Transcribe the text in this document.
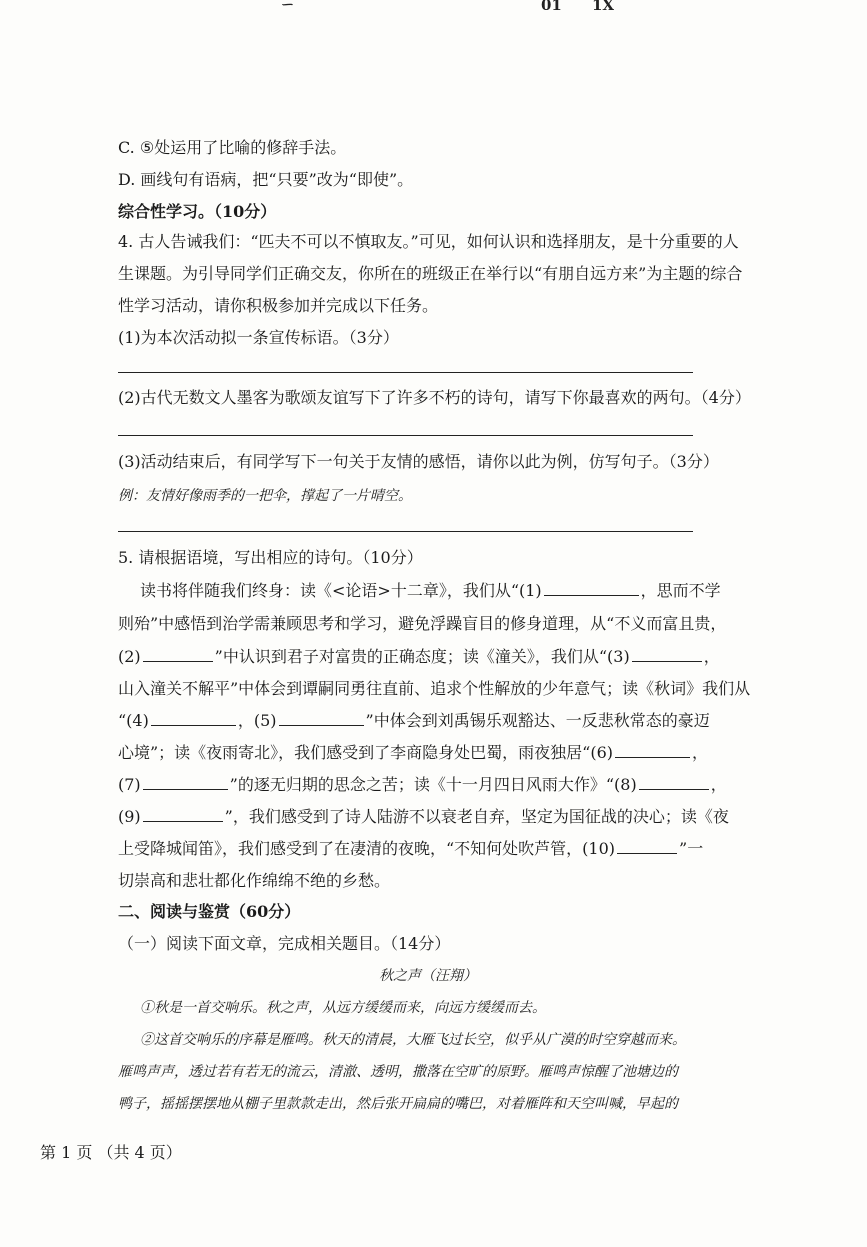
ㄧ	01 1X
C. ⑤处运用了比喻的修辞手法。
D. 画线句有语病，把“只要”改为“即使”。
综合性学习。（10分）
4. 古人告诫我们：“匹夫不可以不慎取友。”可见，如何认识和选择朋友，是十分重要的人
生课题。为引导同学们正确交友，你所在的班级正在举行以“有朋自远方来”为主题的综合
性学习活动，请你积极参加并完成以下任务。
(1)为本次活动拟一条宣传标语。（3分）
(2)古代无数文人墨客为歌颂友谊写下了许多不朽的诗句，请写下你最喜欢的两句。（4分）
(3)活动结束后，有同学写下一句关于友情的感悟，请你以此为例，仿写句子。（3分）
例：友情好像雨季的一把伞，撑起了一片晴空。
5. 请根据语境，写出相应的诗句。（10分）
读书将伴随我们终身：读《<论语>十二章》，我们从“(1)	，思而不学
则殆”中感悟到治学需兼顾思考和学习，避免浮躁盲目的修身道理，从“不义而富且贵，
(2)	”中认识到君子对富贵的正确态度；读《潼关》，我们从“(3)	，
山入潼关不解平”中体会到谭嗣同勇往直前、追求个性解放的少年意气；读《秋词》我们从
“(4)	，(5)	”中体会到刘禹锡乐观豁达、一反悲秋常态的豪迈
心境”；读《夜雨寄北》，我们感受到了李商隐身处巴蜀，雨夜独居“(6)	，
(7)	”的逐无归期的思念之苦；读《十一月四日风雨大作》“(8)	，
(9)	”，我们感受到了诗人陆游不以衰老自弃，坚定为国征战的决心；读《夜
上受降城闻笛》，我们感受到了在凄清的夜晚，“不知何处吹芦管，(10)	”一
切崇高和悲壮都化作绵绵不绝的乡愁。
二、阅读与鉴赏（60分）
（一）阅读下面文章，完成相关题目。（14分）
秋之声（汪翔）
①秋是一首交响乐。秋之声，从远方缓缓而来，向远方缓缓而去。
②这首交响乐的序幕是雁鸣。秋天的清晨，大雁飞过长空，似乎从广漠的时空穿越而来。
雁鸣声声，透过若有若无的流云，清澈、透明，撒落在空旷的原野。雁鸣声惊醒了池塘边的
鸭子，摇摇摆摆地从棚子里款款走出，然后张开扁扁的嘴巴，对着雁阵和天空叫喊，早起的
第 1 页 （共 4 页）
